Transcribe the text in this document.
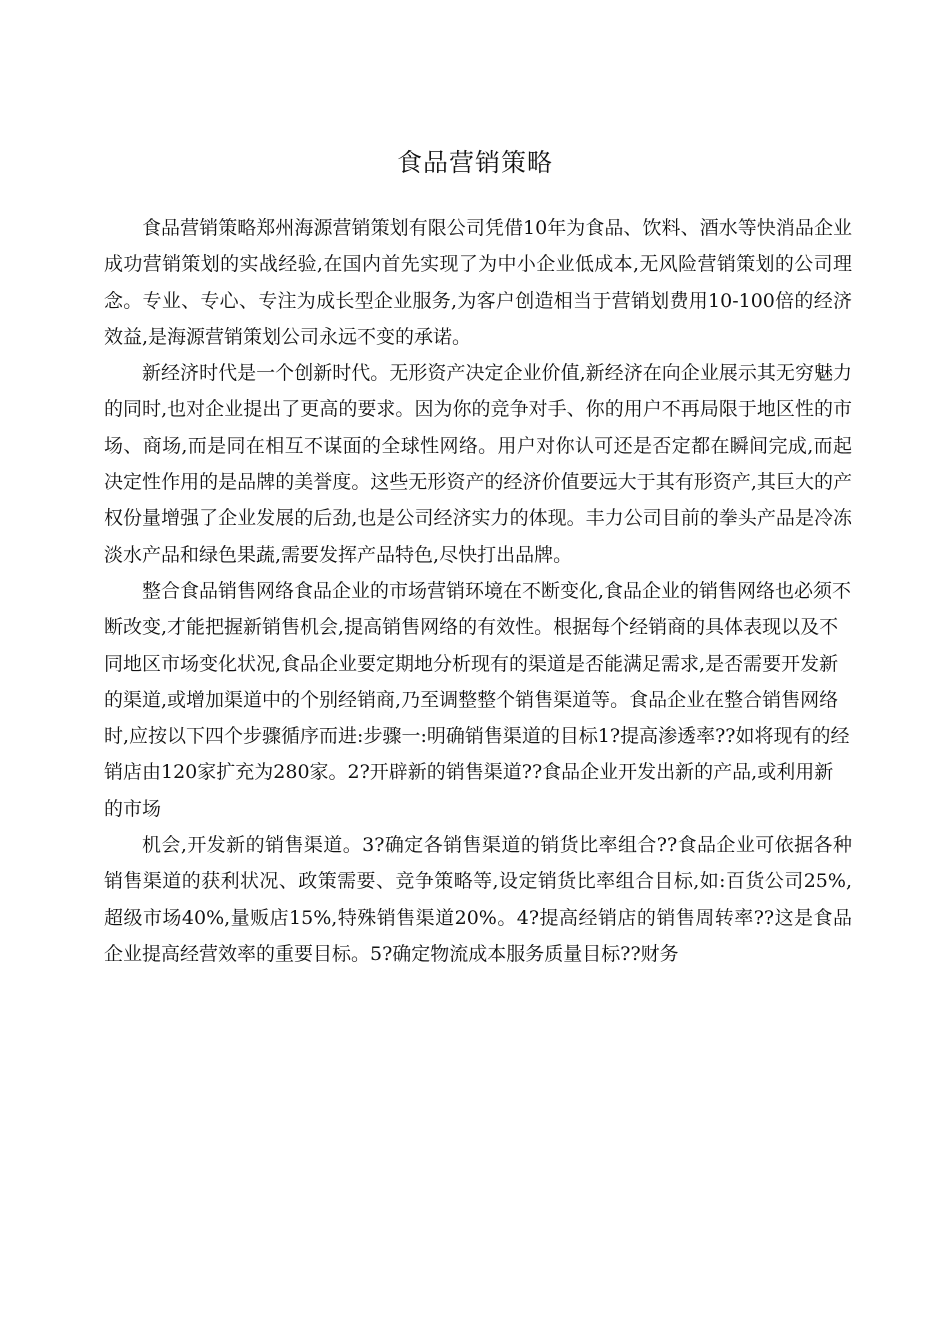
食品营销策略

食品营销策略郑州海源营销策划有限公司凭借10年为食品、饮料、酒水等快消品企业成功营销策划的实战经验,在国内首先实现了为中小企业低成本,无风险营销策划的公司理念。专业、专心、专注为成长型企业服务,为客户创造相当于营销划费用10-100倍的经济效益,是海源营销策划公司永远不变的承诺。

新经济时代是一个创新时代。无形资产决定企业价值,新经济在向企业展示其无穷魅力的同时,也对企业提出了更高的要求。因为你的竞争对手、你的用户不再局限于地区性的市场、商场,而是同在相互不谋面的全球性网络。用户对你认可还是否定都在瞬间完成,而起决定性作用的是品牌的美誉度。这些无形资产的经济价值要远大于其有形资产,其巨大的产权份量增强了企业发展的后劲,也是公司经济实力的体现。丰力公司目前的拳头产品是冷冻淡水产品和绿色果蔬,需要发挥产品特色,尽快打出品牌。

整合食品销售网络食品企业的市场营销环境在不断变化,食品企业的销售网络也必须不断改变,才能把握新销售机会,提高销售网络的有效性。根据每个经销商的具体表现以及不同地区市场变化状况,食品企业要定期地分析现有的渠道是否能满足需求,是否需要开发新的渠道,或增加渠道中的个别经销商,乃至调整整个销售渠道等。食品企业在整合销售网络时,应按以下四个步骤循序而进:步骤一:明确销售渠道的目标1?提高渗透率??如将现有的经销店由120家扩充为280家。2?开辟新的销售渠道??食品企业开发出新的产品,或利用新的市场

机会,开发新的销售渠道。3?确定各销售渠道的销货比率组合??食品企业可依据各种销售渠道的获利状况、政策需要、竞争策略等,设定销货比率组合目标,如:百货公司25%,超级市场40%,量贩店15%,特殊销售渠道20%。4?提高经销店的销售周转率??这是食品企业提高经营效率的重要目标。5?确定物流成本服务质量目标??财务
